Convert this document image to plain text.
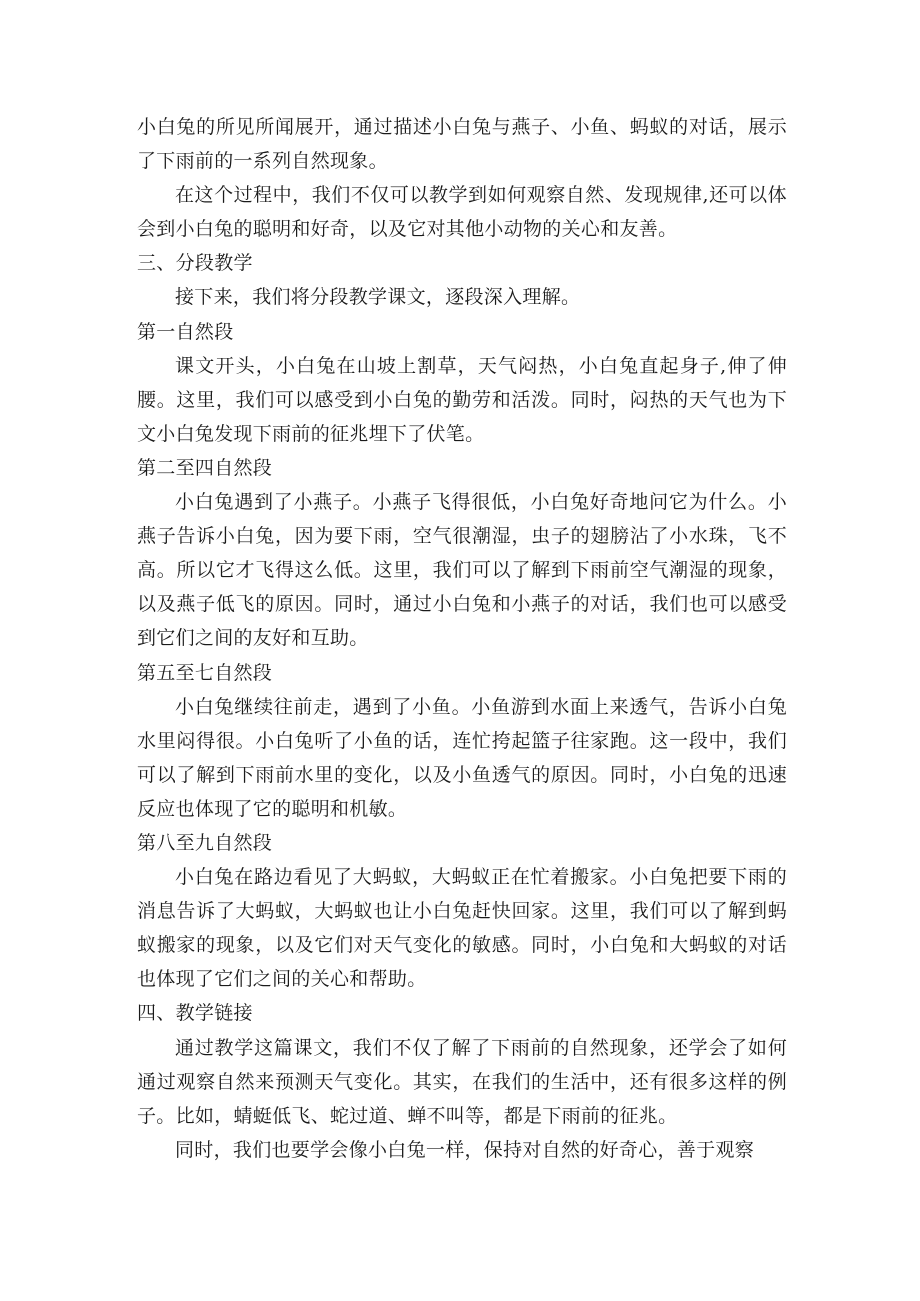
小白兔的所见所闻展开，通过描述小白兔与燕子、小鱼、蚂蚁的对话，展示了下雨前的一系列自然现象。

在这个过程中，我们不仅可以教学到如何观察自然、发现规律,还可以体会到小白兔的聪明和好奇，以及它对其他小动物的关心和友善。

三、分段教学

接下来，我们将分段教学课文，逐段深入理解。

第一自然段

课文开头，小白兔在山坡上割草，天气闷热，小白兔直起身子,伸了伸腰。这里，我们可以感受到小白兔的勤劳和活泼。同时，闷热的天气也为下文小白兔发现下雨前的征兆埋下了伏笔。

第二至四自然段

小白兔遇到了小燕子。小燕子飞得很低，小白兔好奇地问它为什么。小燕子告诉小白兔，因为要下雨，空气很潮湿，虫子的翅膀沾了小水珠，飞不高。所以它才飞得这么低。这里，我们可以了解到下雨前空气潮湿的现象，以及燕子低飞的原因。同时，通过小白兔和小燕子的对话，我们也可以感受到它们之间的友好和互助。

第五至七自然段

小白兔继续往前走，遇到了小鱼。小鱼游到水面上来透气，告诉小白兔水里闷得很。小白兔听了小鱼的话，连忙挎起篮子往家跑。这一段中，我们可以了解到下雨前水里的变化，以及小鱼透气的原因。同时，小白兔的迅速反应也体现了它的聪明和机敏。

第八至九自然段

小白兔在路边看见了大蚂蚁，大蚂蚁正在忙着搬家。小白兔把要下雨的消息告诉了大蚂蚁，大蚂蚁也让小白兔赶快回家。这里，我们可以了解到蚂蚁搬家的现象，以及它们对天气变化的敏感。同时，小白兔和大蚂蚁的对话也体现了它们之间的关心和帮助。

四、教学链接

通过教学这篇课文，我们不仅了解了下雨前的自然现象，还学会了如何通过观察自然来预测天气变化。其实，在我们的生活中，还有很多这样的例子。比如，蜻蜓低飞、蛇过道、蝉不叫等，都是下雨前的征兆。

同时，我们也要学会像小白兔一样，保持对自然的好奇心，善于观察
